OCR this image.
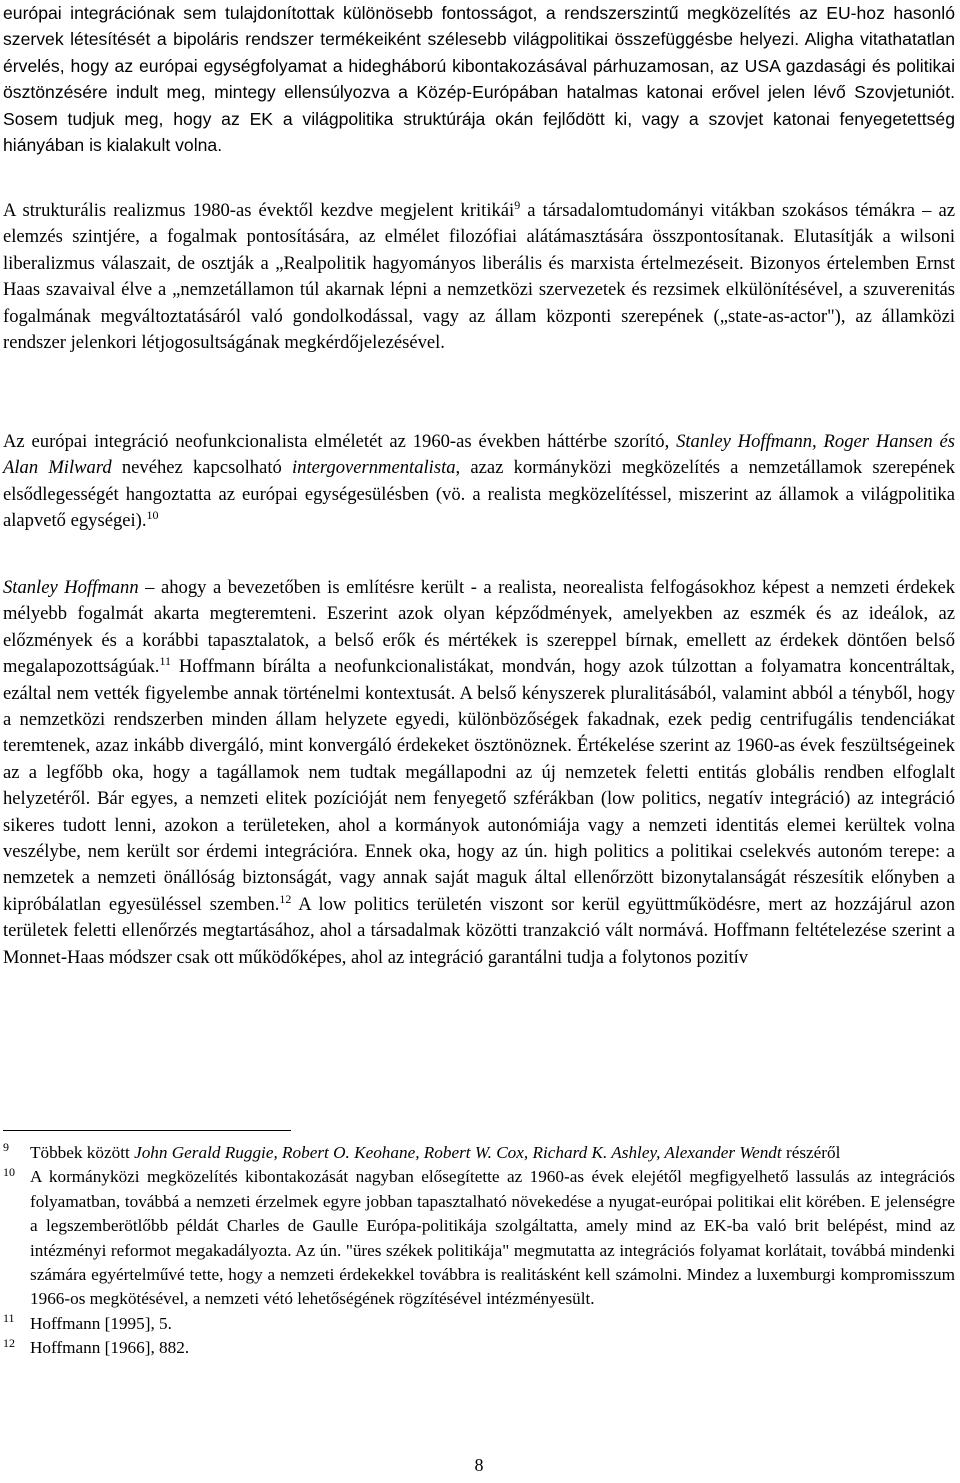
európai integrációnak sem tulajdonítottak különösebb fontosságot, a rendszerszintű megközelítés az EU-hoz hasonló szervek létesítését a bipoláris rendszer termékeiként szélesebb világpolitikai összefüggésbe helyezi. Aligha vitathatatlan érvelés, hogy az európai egységfolyamat a hidegháború kibontakozásával párhuzamosan, az USA gazdasági és politikai ösztönzésére indult meg, mintegy ellensúlyozva a Közép-Európában hatalmas katonai erővel jelen lévő Szovjetuniót. Sosem tudjuk meg, hogy az EK a világpolitika struktúrája okán fejlődött ki, vagy a szovjet katonai fenyegetettség hiányában is kialakult volna.

A strukturális realizmus 1980-as évektől kezdve megjelent kritikái$^9$ a társadalomtudományi vitákban szokásos témákra – az elemzés szintjére, a fogalmak pontosítására, az elmélet filozófiai alátámasztására összpontosítanak. Elutasítják a wilsoni liberalizmus válaszait, de osztják a „Realpolitik hagyományos liberális és marxista értelmezéseit. Bizonyos értelemben Ernst Haas szavaival élve a „nemzetállamon túl akarnak lépni a nemzetközi szervezetek és rezsimek elkülönítésével, a szuverenitás fogalmának megváltoztatásáról való gondolkodással, vagy az állam központi szerepének („state-as-actor"), az államközi rendszer jelenkori létjogosultságának megkérdőjelezésével.

Az európai integráció neofunkcionalista elméletét az 1960-as években háttérbe szorító, Stanley Hoffmann, Roger Hansen és Alan Milward nevéhez kapcsolható intergovernmentalista, azaz kormányközi megközelítés a nemzetállamok szerepének elsődlegességét hangoztatta az európai egységesülésben (vö. a realista megközelítéssel, miszerint az államok a világpolitika alapvető egységei).$^{10}$

Stanley Hoffmann – ahogy a bevezetőben is említésre került - a realista, neorealista felfogásokhoz képest a nemzeti érdekek mélyebb fogalmát akarta megteremteni. Eszerint azok olyan képződmények, amelyekben az eszmék és az ideálok, az előzmények és a korábbi tapasztalatok, a belső erők és mértékek is szereppel bírnak, emellett az érdekek döntően belső megalapozottságúak.$^{11}$ Hoffmann bírálta a neofunkcionalistákat, mondván, hogy azok túlzottan a folyamatra koncentráltak, ezáltal nem vették figyelembe annak történelmi kontextusát. A belső kényszerek pluralitásából, valamint abból a tényből, hogy a nemzetközi rendszerben minden állam helyzete egyedi, különbözőségek fakadnak, ezek pedig centrifugális tendenciákat teremtenek, azaz inkább divergáló, mint konvergáló érdekeket ösztönöznek. Értékelése szerint az 1960-as évek feszültségeinek az a legfőbb oka, hogy a tagállamok nem tudtak megállapodni az új nemzetek feletti entitás globális rendben elfoglalt helyzetéről. Bár egyes, a nemzeti elitek pozícióját nem fenyegető szférákban (low politics, negatív integráció) az integráció sikeres tudott lenni, azokon a területeken, ahol a kormányok autonómiája vagy a nemzeti identitás elemei kerültek volna veszélybe, nem került sor érdemi integrációra. Ennek oka, hogy az ún. high politics a politikai cselekvés autonóm terepe: a nemzetek a nemzeti önállóság biztonságát, vagy annak saját maguk által ellenőrzött bizonytalanságát részesítik előnyben a kipróbálatlan egyesüléssel szemben.$^{12}$ A low politics területén viszont sor kerül együttműködésre, mert az hozzájárul azon területek feletti ellenőrzés megtartásához, ahol a társadalmak közötti tranzakció vált normává. Hoffmann feltételezése szerint a Monnet-Haas módszer csak ott működőképes, ahol az integráció garantálni tudja a folytonos pozitív

9 Többek között John Gerald Ruggie, Robert O. Keohane, Robert W. Cox, Richard K. Ashley, Alexander Wendt részéről

10 A kormányközi megközelítés kibontakozását nagyban elősegítette az 1960-as évek elejétől megfigyelhető lassulás az integrációs folyamatban, továbbá a nemzeti érzelmek egyre jobban tapasztalható növekedése a nyugat-európai politikai elit körében. E jelenségre a legszemberötlőbb példát Charles de Gaulle Európa-politikája szolgáltatta, amely mind az EK-ba való brit belépést, mind az intézményi reformot megakadályozta. Az ún. "üres székek politikája" megmutatta az integrációs folyamat korlátait, továbbá mindenki számára egyértelművé tette, hogy a nemzeti érdekekkel továbbra is realitásként kell számolni. Mindez a luxemburgi kompromisszum 1966-os megkötésével, a nemzeti vétó lehetőségének rögzítésével intézményesült.

11 Hoffmann [1995], 5.

12 Hoffmann [1966], 882.

8
